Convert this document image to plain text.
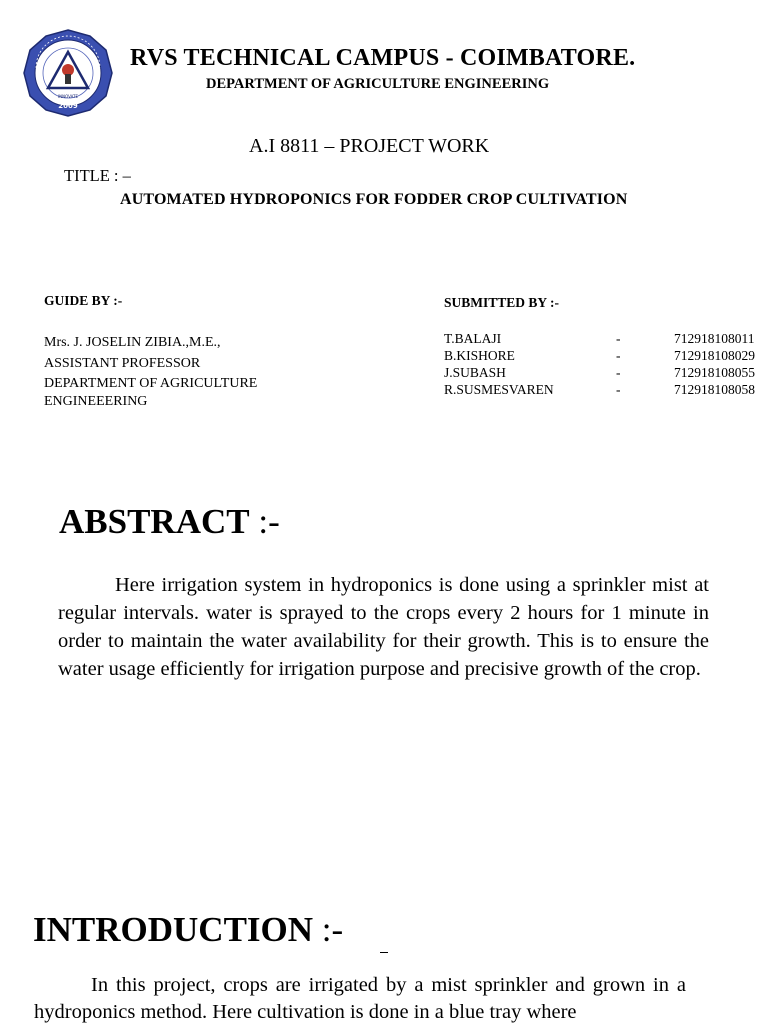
2009
INNOVATE
RVS TECHNICAL CAMPUS - COIMBATORE.
DEPARTMENT OF AGRICULTURE ENGINEERING
A.I 8811 – PROJECT WORK
TITLE : –
AUTOMATED HYDROPONICS FOR FODDER CROP CULTIVATION
GUIDE BY :-
Mrs. J. JOSELIN ZIBIA.,M.E.,
ASSISTANT PROFESSOR
DEPARTMENT OF AGRICULTURE
ENGINEEERING
SUBMITTED BY :-
T.BALAJI	-	712918108011
B.KISHORE	-	712918108029
J.SUBASH	-	712918108055
R.SUSMESVAREN	-	712918108058
ABSTRACT :-
Here irrigation system in hydroponics is done using a sprinkler mist at regular intervals. water is sprayed to the crops every 2 hours for 1 minute in order to maintain the water availability for their growth. This is to ensure the water usage efficiently for irrigation purpose and precisive growth of the crop.
INTRODUCTION :-
In this project, crops are irrigated by a mist sprinkler and grown in a hydroponics method. Here cultivation is done in a blue tray where
